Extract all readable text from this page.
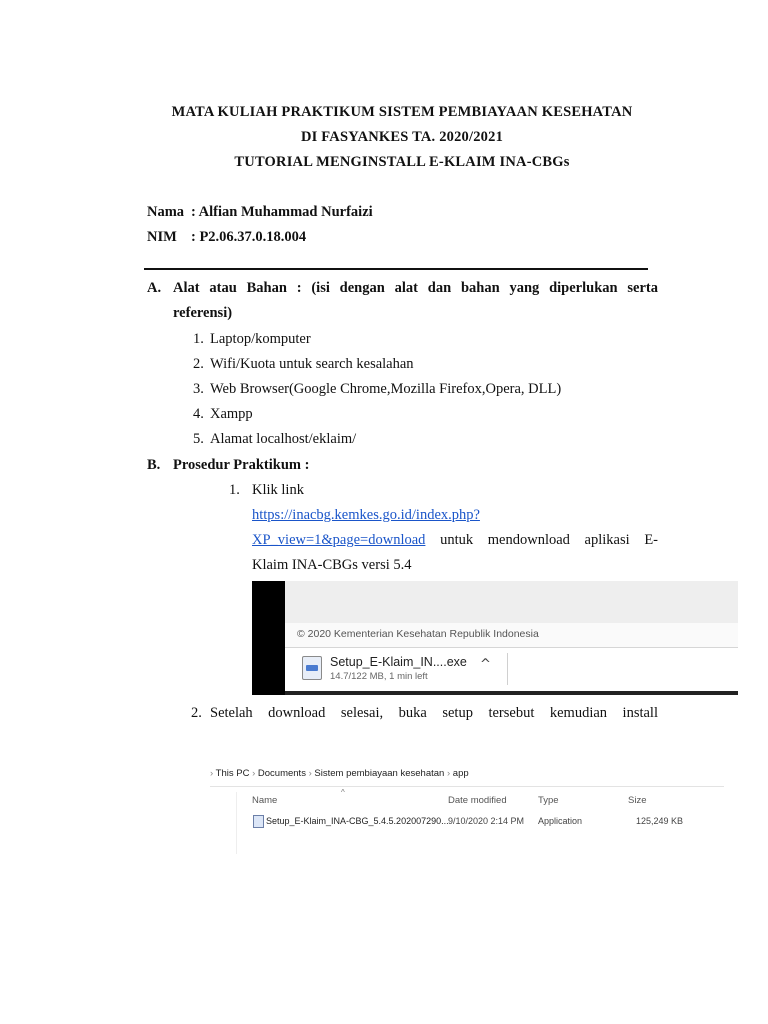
MATA KULIAH PRAKTIKUM SISTEM PEMBIAYAAN KESEHATAN
DI FASYANKES TA. 2020/2021
TUTORIAL MENGINSTALL E-KLAIM INA-CBGs
Nama : Alfian Muhammad Nurfaizi
NIM : P2.06.37.0.18.004
A. Alat atau Bahan : (isi dengan alat dan bahan yang diperlukan serta
referensi)
1. Laptop/komputer
2. Wifi/Kuota untuk search kesalahan
3. Web Browser(Google Chrome,Mozilla Firefox,Opera, DLL)
4. Xampp
5. Alamat localhost/eklaim/
B. Prosedur Praktikum :
1. Klik link
https://inacbg.kemkes.go.id/index.php?
XP_view=1&page=download untuk mendownload aplikasi E-
Klaim INA-CBGs versi 5.4
© 2020 Kementerian Kesehatan Republik Indonesia
Setup_E-Klaim_IN....exe
14.7/122 MB, 1 min left
^
2. Setelah download selesai, buka setup tersebut kemudian install
› This PC › Documents › Sistem pembiayaan kesehatan › app
^
Name	Date modified	Type	Size
Setup_E-Klaim_INA-CBG_5.4.5.202007290... 9/10/2020 2:14 PM Application	125,249 KB
